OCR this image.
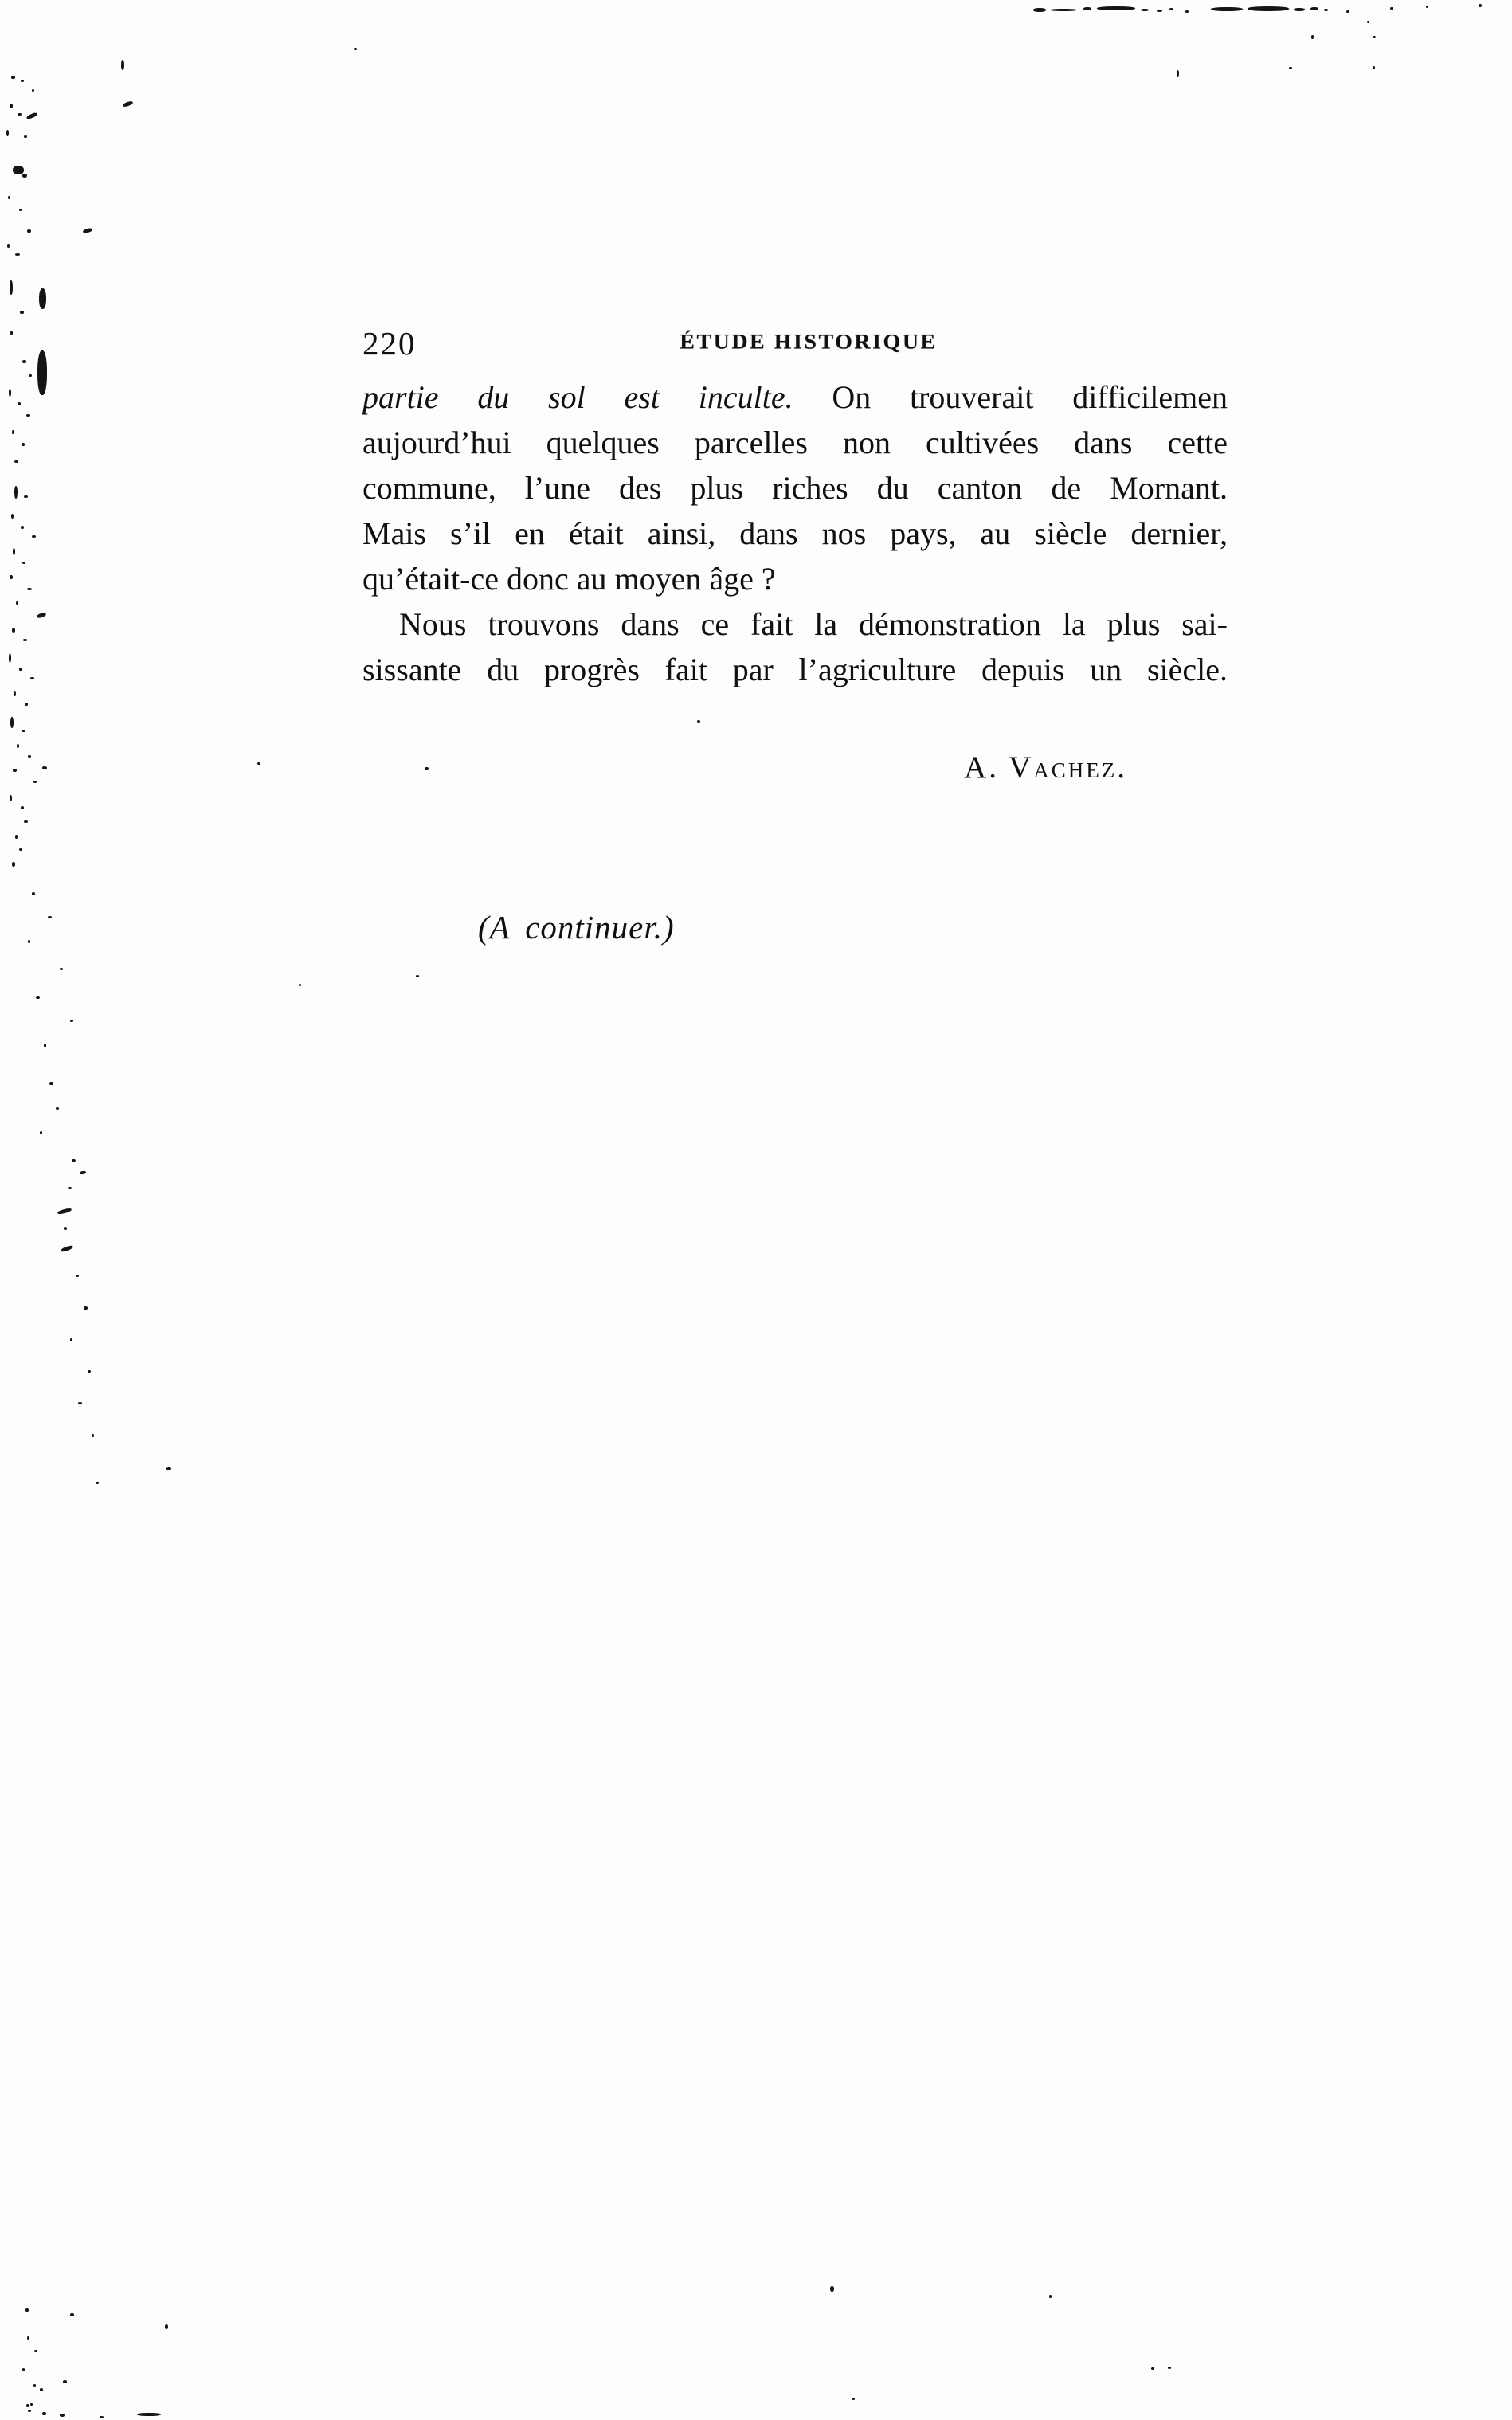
220	ÉTUDE HISTORIQUE
partie du sol est inculte. On trouverait difficilemen
aujourd’hui quelques parcelles non cultivées dans cette
commune, l’une des plus riches du canton de Mornant.
Mais s’il en était ainsi, dans nos pays, au siècle dernier,
qu’était-ce donc au moyen âge ?
Nous trouvons dans ce fait la démonstration la plus sai-
sissante du progrès fait par l’agriculture depuis un siècle.
A. Vachez.
(A continuer.)
